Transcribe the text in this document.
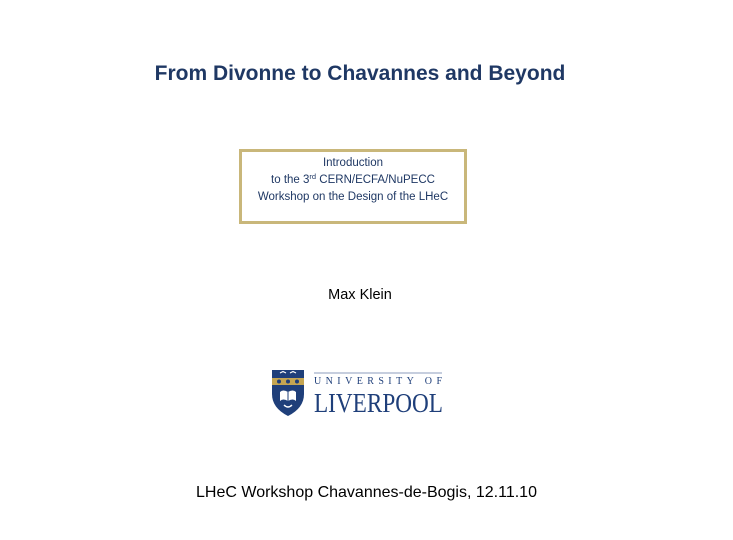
From Divonne to Chavannes and Beyond
Introduction
to the 3rd CERN/ECFA/NuPECC
Workshop on the Design of the LHeC
Max Klein
UNIVERSITY OF
LIVERPOOL
LHeC Workshop Chavannes-de-Bogis, 12.11.10
